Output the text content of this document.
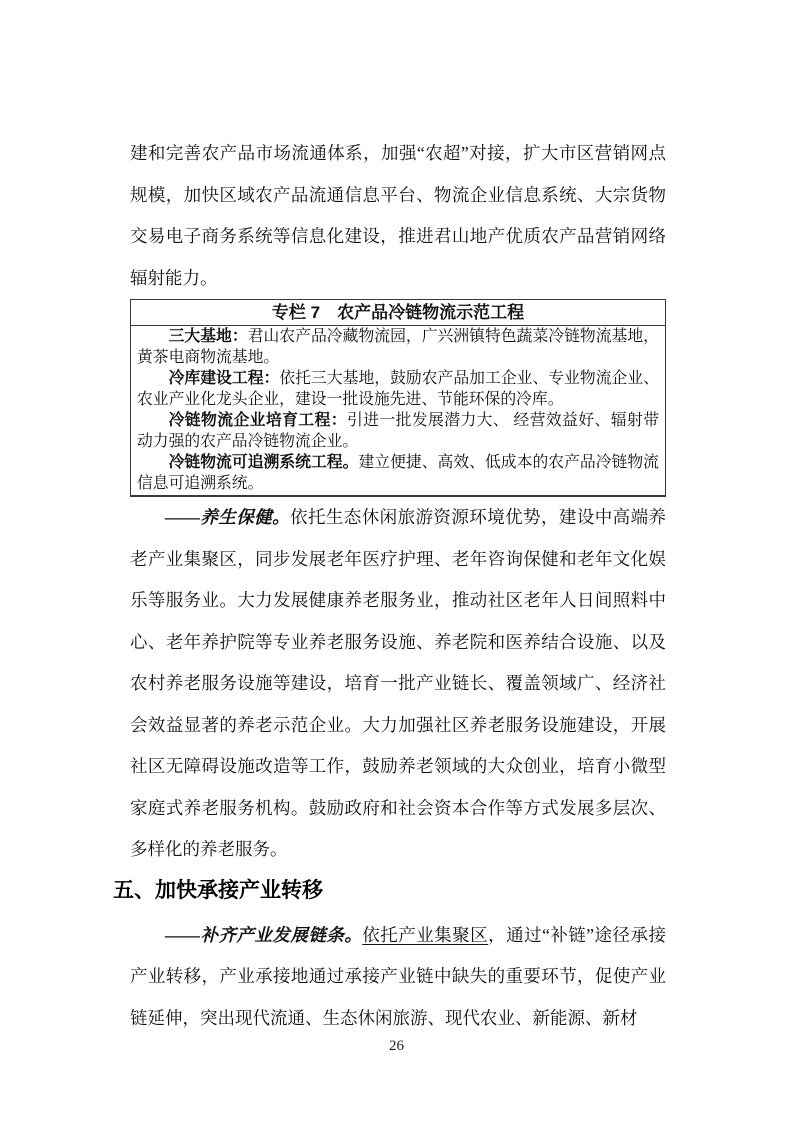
建和完善农产品市场流通体系，加强“农超”对接，扩大市区营销网点规模，加快区域农产品流通信息平台、物流企业信息系统、大宗货物交易电子商务系统等信息化建设，推进君山地产优质农产品营销网络辐射能力。

专栏 7　农产品冷链物流示范工程

三大基地：君山农产品冷藏物流园，广兴洲镇特色蔬菜冷链物流基地，黄茶电商物流基地。

冷库建设工程：依托三大基地，鼓励农产品加工企业、专业物流企业、农业产业化龙头企业，建设一批设施先进、节能环保的冷库。

冷链物流企业培育工程：引进一批发展潜力大、 经营效益好、辐射带动力强的农产品冷链物流企业。

冷链物流可追溯系统工程。建立便捷、高效、低成本的农产品冷链物流信息可追溯系统。

——养生保健。依托生态休闲旅游资源环境优势，建设中高端养老产业集聚区，同步发展老年医疗护理、老年咨询保健和老年文化娱乐等服务业。大力发展健康养老服务业，推动社区老年人日间照料中心、老年养护院等专业养老服务设施、养老院和医养结合设施、以及农村养老服务设施等建设，培育一批产业链长、覆盖领域广、经济社会效益显著的养老示范企业。大力加强社区养老服务设施建设，开展社区无障碍设施改造等工作，鼓励养老领域的大众创业，培育小微型家庭式养老服务机构。鼓励政府和社会资本合作等方式发展多层次、多样化的养老服务。

五、加快承接产业转移

——补齐产业发展链条。依托产业集聚区，通过“补链”途径承接产业转移，产业承接地通过承接产业链中缺失的重要环节，促使产业链延伸，突出现代流通、生态休闲旅游、现代农业、新能源、新材

26
